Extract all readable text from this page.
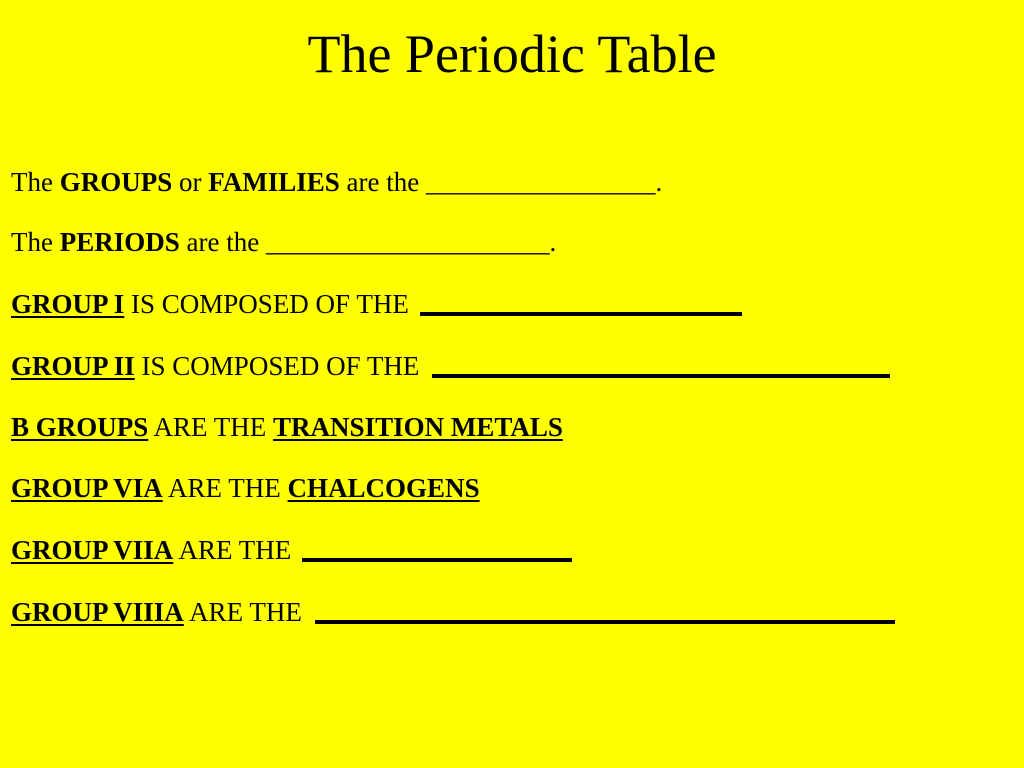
The Periodic Table
The GROUPS or FAMILIES are the _________________.
The PERIODS are the _____________________.
GROUP I IS COMPOSED OF THE
GROUP II IS COMPOSED OF THE
B GROUPS ARE THE TRANSITION METALS
GROUP VIA ARE THE CHALCOGENS
GROUP VIIA ARE THE
GROUP VIIIA ARE THE
